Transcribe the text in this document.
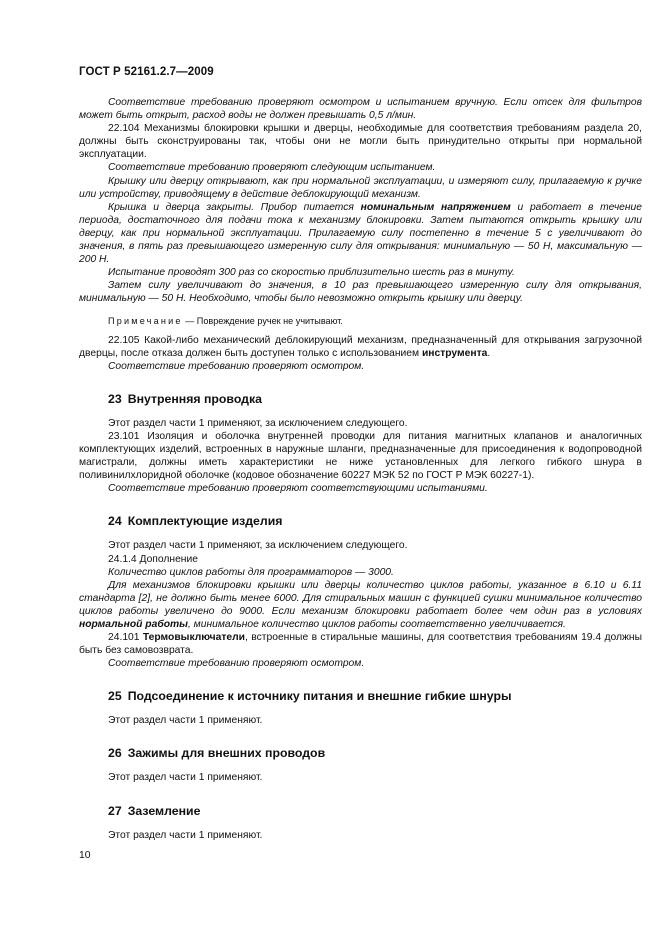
ГОСТ Р 52161.2.7—2009

Соответствие требованию проверяют осмотром и испытанием вручную. Если отсек для фильтров может быть открыт, расход воды не должен превышать 0,5 л/мин.

22.104 Механизмы блокировки крышки и дверцы, необходимые для соответствия требованиям раздела 20, должны быть сконструированы так, чтобы они не могли быть принудительно открыты при нормальной эксплуатации.

Соответствие требованию проверяют следующим испытанием.

Крышку или дверцу открывают, как при нормальной эксплуатации, и измеряют силу, прилагаемую к ручке или устройству, приводящему в действие деблокирующий механизм.

Крышка и дверца закрыты. Прибор питается номинальным напряжением и работает в течение периода, достаточного для подачи тока к механизму блокировки. Затем пытаются открыть крышку или дверцу, как при нормальной эксплуатации. Прилагаемую силу постепенно в течение 5 с увеличивают до значения, в пять раз превышающего измеренную силу для открывания: минимальную — 50 Н, максимальную — 200 Н.

Испытание проводят 300 раз со скоростью приблизительно шесть раз в минуту.

Затем силу увеличивают до значения, в 10 раз превышающего измеренную силу для открывания, минимальную — 50 Н. Необходимо, чтобы было невозможно открыть крышку или дверцу.

Примечание — Повреждение ручек не учитывают.

22.105 Какой-либо механический деблокирующий механизм, предназначенный для открывания загрузочной дверцы, после отказа должен быть доступен только с использованием инструмента.

Соответствие требованию проверяют осмотром.

23 Внутренняя проводка

Этот раздел части 1 применяют, за исключением следующего.

23.101 Изоляция и оболочка внутренней проводки для питания магнитных клапанов и аналогичных комплектующих изделий, встроенных в наружные шланги, предназначенные для присоединения к водопроводной магистрали, должны иметь характеристики не ниже установленных для легкого гибкого шнура в поливинилхлоридной оболочке (кодовое обозначение 60227 МЭК 52 по ГОСТ Р МЭК 60227-1).

Соответствие требованию проверяют соответствующими испытаниями.

24 Комплектующие изделия

Этот раздел части 1 применяют, за исключением следующего.

24.1.4 Дополнение

Количество циклов работы для программаторов — 3000.

Для механизмов блокировки крышки или дверцы количество циклов работы, указанное в 6.10 и 6.11 стандарта [2], не должно быть менее 6000. Для стиральных машин с функцией сушки минимальное количество циклов работы увеличено до 9000. Если механизм блокировки работает более чем один раз в условиях нормальной работы, минимальное количество циклов работы соответственно увеличивается.

24.101 Термовыключатели, встроенные в стиральные машины, для соответствия требованиям 19.4 должны быть без самовозврата.

Соответствие требованию проверяют осмотром.

25 Подсоединение к источнику питания и внешние гибкие шнуры

Этот раздел части 1 применяют.

26 Зажимы для внешних проводов

Этот раздел части 1 применяют.

27 Заземление

Этот раздел части 1 применяют.

10
